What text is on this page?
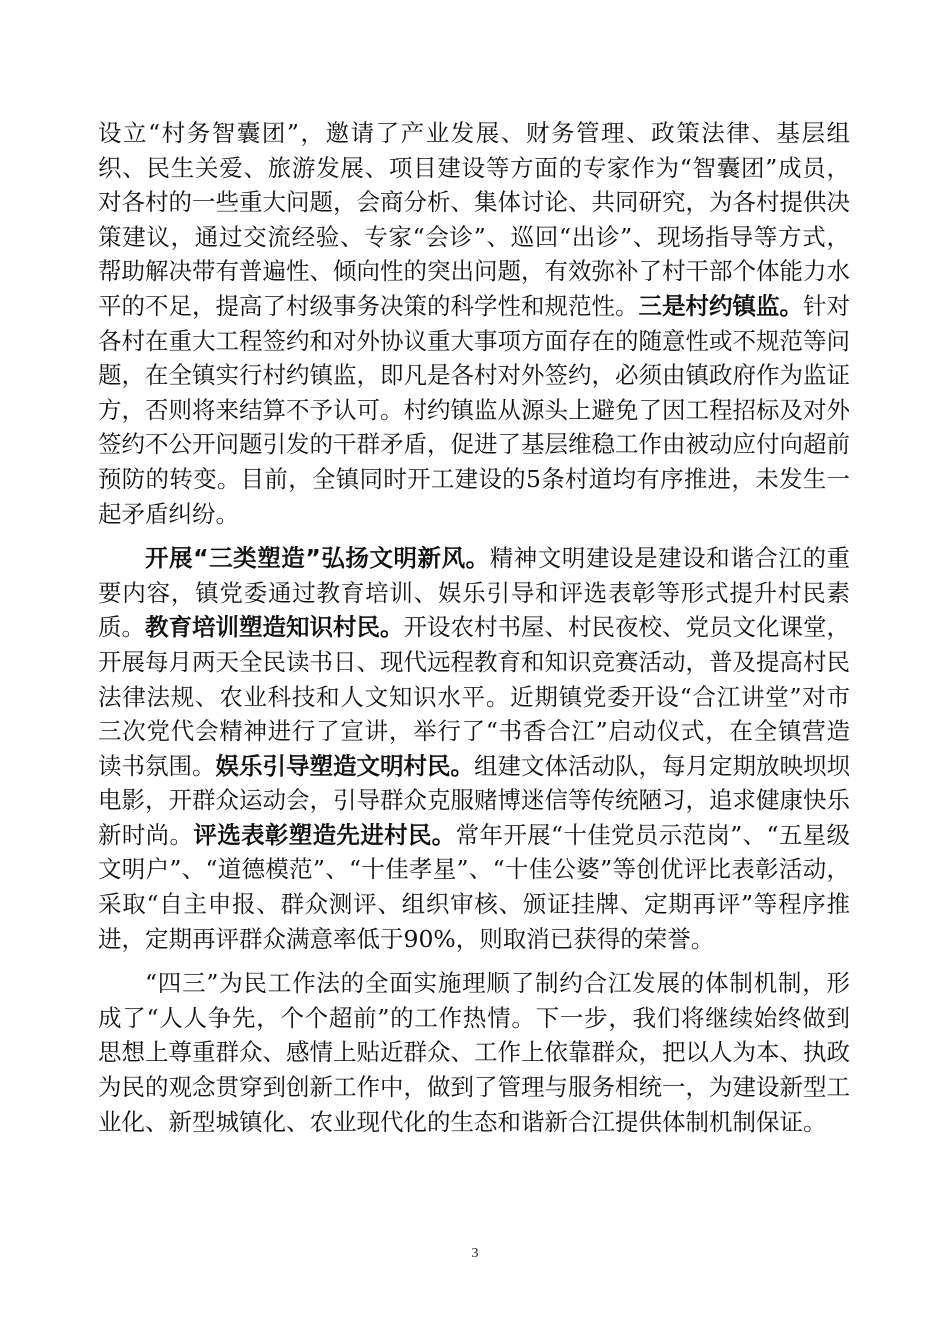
设立“村务智囊团”，邀请了产业发展、财务管理、政策法律、基层组织、民生关爱、旅游发展、项目建设等方面的专家作为“智囊团”成员，对各村的一些重大问题，会商分析、集体讨论、共同研究，为各村提供决策建议，通过交流经验、专家“会诊”、巡回“出诊”、现场指导等方式，帮助解决带有普遍性、倾向性的突出问题，有效弥补了村干部个体能力水平的不足，提高了村级事务决策的科学性和规范性。三是村约镇监。针对各村在重大工程签约和对外协议重大事项方面存在的随意性或不规范等问题，在全镇实行村约镇监，即凡是各村对外签约，必须由镇政府作为监证方，否则将来结算不予认可。村约镇监从源头上避免了因工程招标及对外签约不公开问题引发的干群矛盾，促进了基层维稳工作由被动应付向超前预防的转变。目前，全镇同时开工建设的5条村道均有序推进，未发生一起矛盾纠纷。

开展“三类塑造”弘扬文明新风。精神文明建设是建设和谐合江的重要内容，镇党委通过教育培训、娱乐引导和评选表彰等形式提升村民素质。教育培训塑造知识村民。开设农村书屋、村民夜校、党员文化课堂，开展每月两天全民读书日、现代远程教育和知识竞赛活动，普及提高村民法律法规、农业科技和人文知识水平。近期镇党委开设“合江讲堂”对市三次党代会精神进行了宣讲，举行了“书香合江”启动仪式，在全镇营造读书氛围。娱乐引导塑造文明村民。组建文体活动队，每月定期放映坝坝电影，开群众运动会，引导群众克服赌博迷信等传统陋习，追求健康快乐新时尚。评选表彰塑造先进村民。常年开展“十佳党员示范岗”、“五星级文明户”、“道德模范”、“十佳孝星”、“十佳公婆”等创优评比表彰活动，采取“自主申报、群众测评、组织审核、颁证挂牌、定期再评”等程序推进，定期再评群众满意率低于90%，则取消已获得的荣誉。

“四三”为民工作法的全面实施理顺了制约合江发展的体制机制，形成了“人人争先，个个超前”的工作热情。下一步，我们将继续始终做到思想上尊重群众、感情上贴近群众、工作上依靠群众，把以人为本、执政为民的观念贯穿到创新工作中，做到了管理与服务相统一，为建设新型工业化、新型城镇化、农业现代化的生态和谐新合江提供体制机制保证。

3
